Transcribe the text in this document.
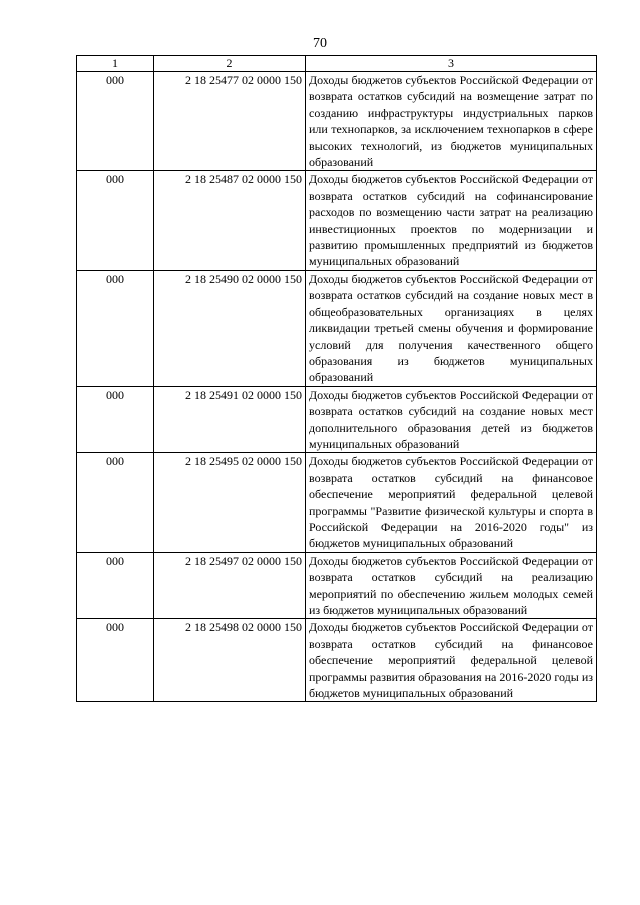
70
1	2	3
000	2 18 25477 02 0000 150	Доходы бюджетов субъектов Российской Федерации от возврата остатков субсидий на возмещение затрат по созданию инфраструктуры индустриальных парков или технопарков, за исключением технопарков в сфере высоких технологий, из бюджетов муниципальных образований
000	2 18 25487 02 0000 150	Доходы бюджетов субъектов Российской Федерации от возврата остатков субсидий на софинансирование расходов по возмещению части затрат на реализацию инвестиционных проектов по модернизации и развитию промышленных предприятий из бюджетов муниципальных образований
000	2 18 25490 02 0000 150	Доходы бюджетов субъектов Российской Федерации от возврата остатков субсидий на создание новых мест в общеобразовательных организациях в целях ликвидации третьей смены обучения и формирование условий для получения качественного общего образования из бюджетов муниципальных образований
000	2 18 25491 02 0000 150	Доходы бюджетов субъектов Российской Федерации от возврата остатков субсидий на создание новых мест дополнительного образования детей из бюджетов муниципальных образований
000	2 18 25495 02 0000 150	Доходы бюджетов субъектов Российской Федерации от возврата остатков субсидий на финансовое обеспечение мероприятий федеральной целевой программы "Развитие физической культуры и спорта в Российской Федерации на 2016-2020 годы" из бюджетов муниципальных образований
000	2 18 25497 02 0000 150	Доходы бюджетов субъектов Российской Федерации от возврата остатков субсидий на реализацию мероприятий по обеспечению жильем молодых семей из бюджетов муниципальных образований
000	2 18 25498 02 0000 150	Доходы бюджетов субъектов Российской Федерации от возврата остатков субсидий на финансовое обеспечение мероприятий федеральной целевой программы развития образования на 2016-2020 годы из бюджетов муниципальных образований
